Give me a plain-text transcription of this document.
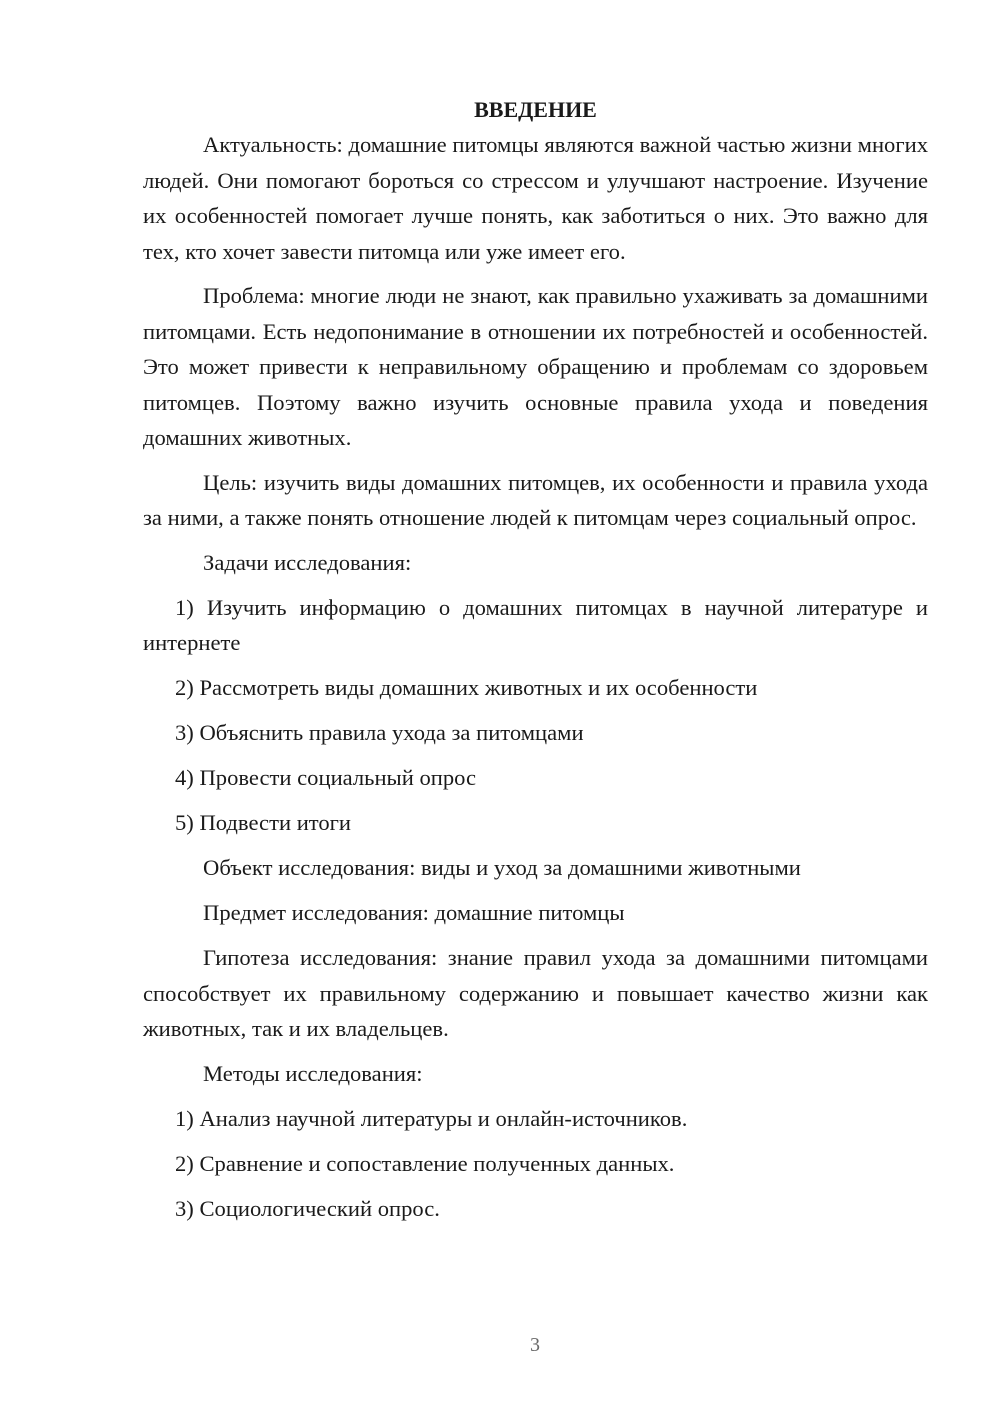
ВВЕДЕНИЕ

Актуальность: домашние питомцы являются важной частью жизни многих людей. Они помогают бороться со стрессом и улучшают настроение. Изучение их особенностей помогает лучше понять, как заботиться о них. Это важно для тех, кто хочет завести питомца или уже имеет его.

Проблема: многие люди не знают, как правильно ухаживать за домашними питомцами. Есть недопонимание в отношении их потребностей и особенностей. Это может привести к неправильному обращению и проблемам со здоровьем питомцев. Поэтому важно изучить основные правила ухода и поведения домашних животных.

Цель: изучить виды домашних питомцев, их особенности и правила ухода за ними, а также понять отношение людей к питомцам через социальный опрос.

Задачи исследования:
1) Изучить информацию о домашних питомцах в научной литературе и интернете
2) Рассмотреть виды домашних животных и их особенности
3) Объяснить правила ухода за питомцами
4) Провести социальный опрос
5) Подвести итоги
Объект исследования: виды и уход за домашними животными
Предмет исследования: домашние питомцы

Гипотеза исследования: знание правил ухода за домашними питомцами способствует их правильному содержанию и повышает качество жизни как животных, так и их владельцев.

Методы исследования:
1) Анализ научной литературы и онлайн-источников.
2) Сравнение и сопоставление полученных данных.
3) Социологический опрос.
3
